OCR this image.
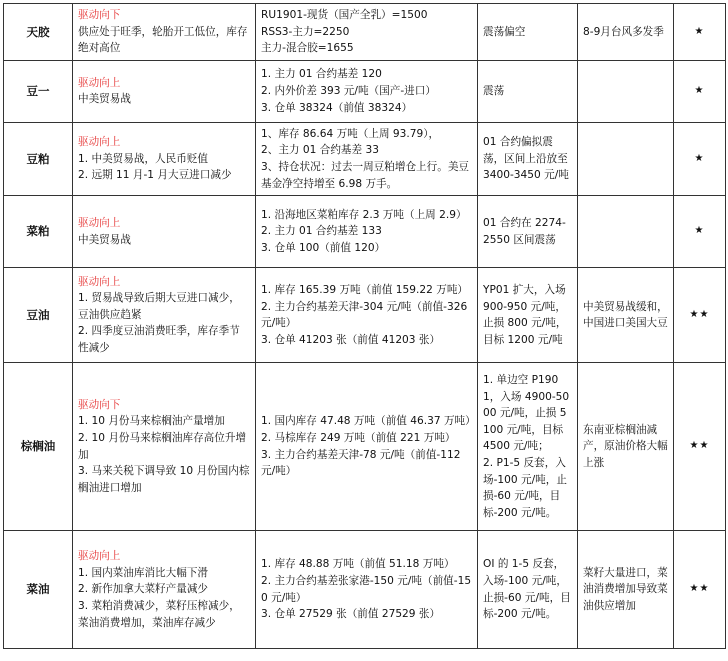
天胶	驱动向下
供应处于旺季，轮胎开工低位，库存绝对高位	RU1901-现货（国产全乳）=1500
RSS3-主力=2250
主力-混合胶=1655	震荡偏空	8-9月台风多发季	★
豆一	驱动向上
中美贸易战	1. 主力 01 合约基差 120
2. 内外价差 393 元/吨（国产-进口）
3. 仓单 38324（前值 38324）	震荡		★
豆粕	驱动向上
1. 中美贸易战，人民币贬值
2. 远期 11 月-1 月大豆进口减少	1、库存 86.64 万吨（上周 93.79），
2、主力 01 合约基差 33
3、持仓状况：过去一周豆粕增仓上行。美豆基金净空持增至 6.98 万手。	01 合约偏拟震荡，区间上沿放至 3400-3450 元/吨		★
菜粕	驱动向上
中美贸易战	1. 沿海地区菜粕库存 2.3 万吨（上周 2.9）
2. 主力 01 合约基差 133
3. 仓单 100（前值 120）	01 合约在 2274-2550 区间震荡		★
豆油	驱动向上
1. 贸易战导致后期大豆进口减少，豆油供应趋紧
2. 四季度豆油消费旺季，库存季节性减少	1. 库存 165.39 万吨（前值 159.22 万吨）
2. 主力合约基差天津-304 元/吨（前值-326 元/吨）
3. 仓单 41203 张（前值 41203 张）	YP01 扩大，入场 900-950 元/吨，止损 800 元/吨，目标 1200 元/吨	中美贸易战缓和，中国进口美国大豆	★★
棕榈油	驱动向下
1. 10 月份马来棕榈油产量增加
2. 10 月份马来棕榈油库存高位升增加
3. 马来关税下调导致 10 月份国内棕榈油进口增加	1. 国内库存 47.48 万吨（前值 46.37 万吨）
2. 马棕库存 249 万吨（前值 221 万吨）
3. 主力合约基差天津-78 元/吨（前值-112 元/吨）	1. 单边空 P1901，入场 4900-5000 元/吨，止损 5100 元/吨，目标 4500 元/吨；
2. P1-5 反套，入场-100 元/吨，止损-60 元/吨，目标-200 元/吨。	东南亚棕榈油减产，原油价格大幅上涨	★★
菜油	驱动向上
1. 国内菜油库消比大幅下滑
2. 新作加拿大菜籽产量减少
3. 菜粕消费减少，菜籽压榨减少，菜油消费增加，菜油库存减少	1. 库存 48.88 万吨（前值 51.18 万吨）
2. 主力合约基差张家港-150 元/吨（前值-150 元/吨）
3. 仓单 27529 张（前值 27529 张）	OI 的 1-5 反套，入场-100 元/吨，止损-60 元/吨，目标-200 元/吨。	菜籽大量进口，菜油消费增加导致菜油供应增加	★★
